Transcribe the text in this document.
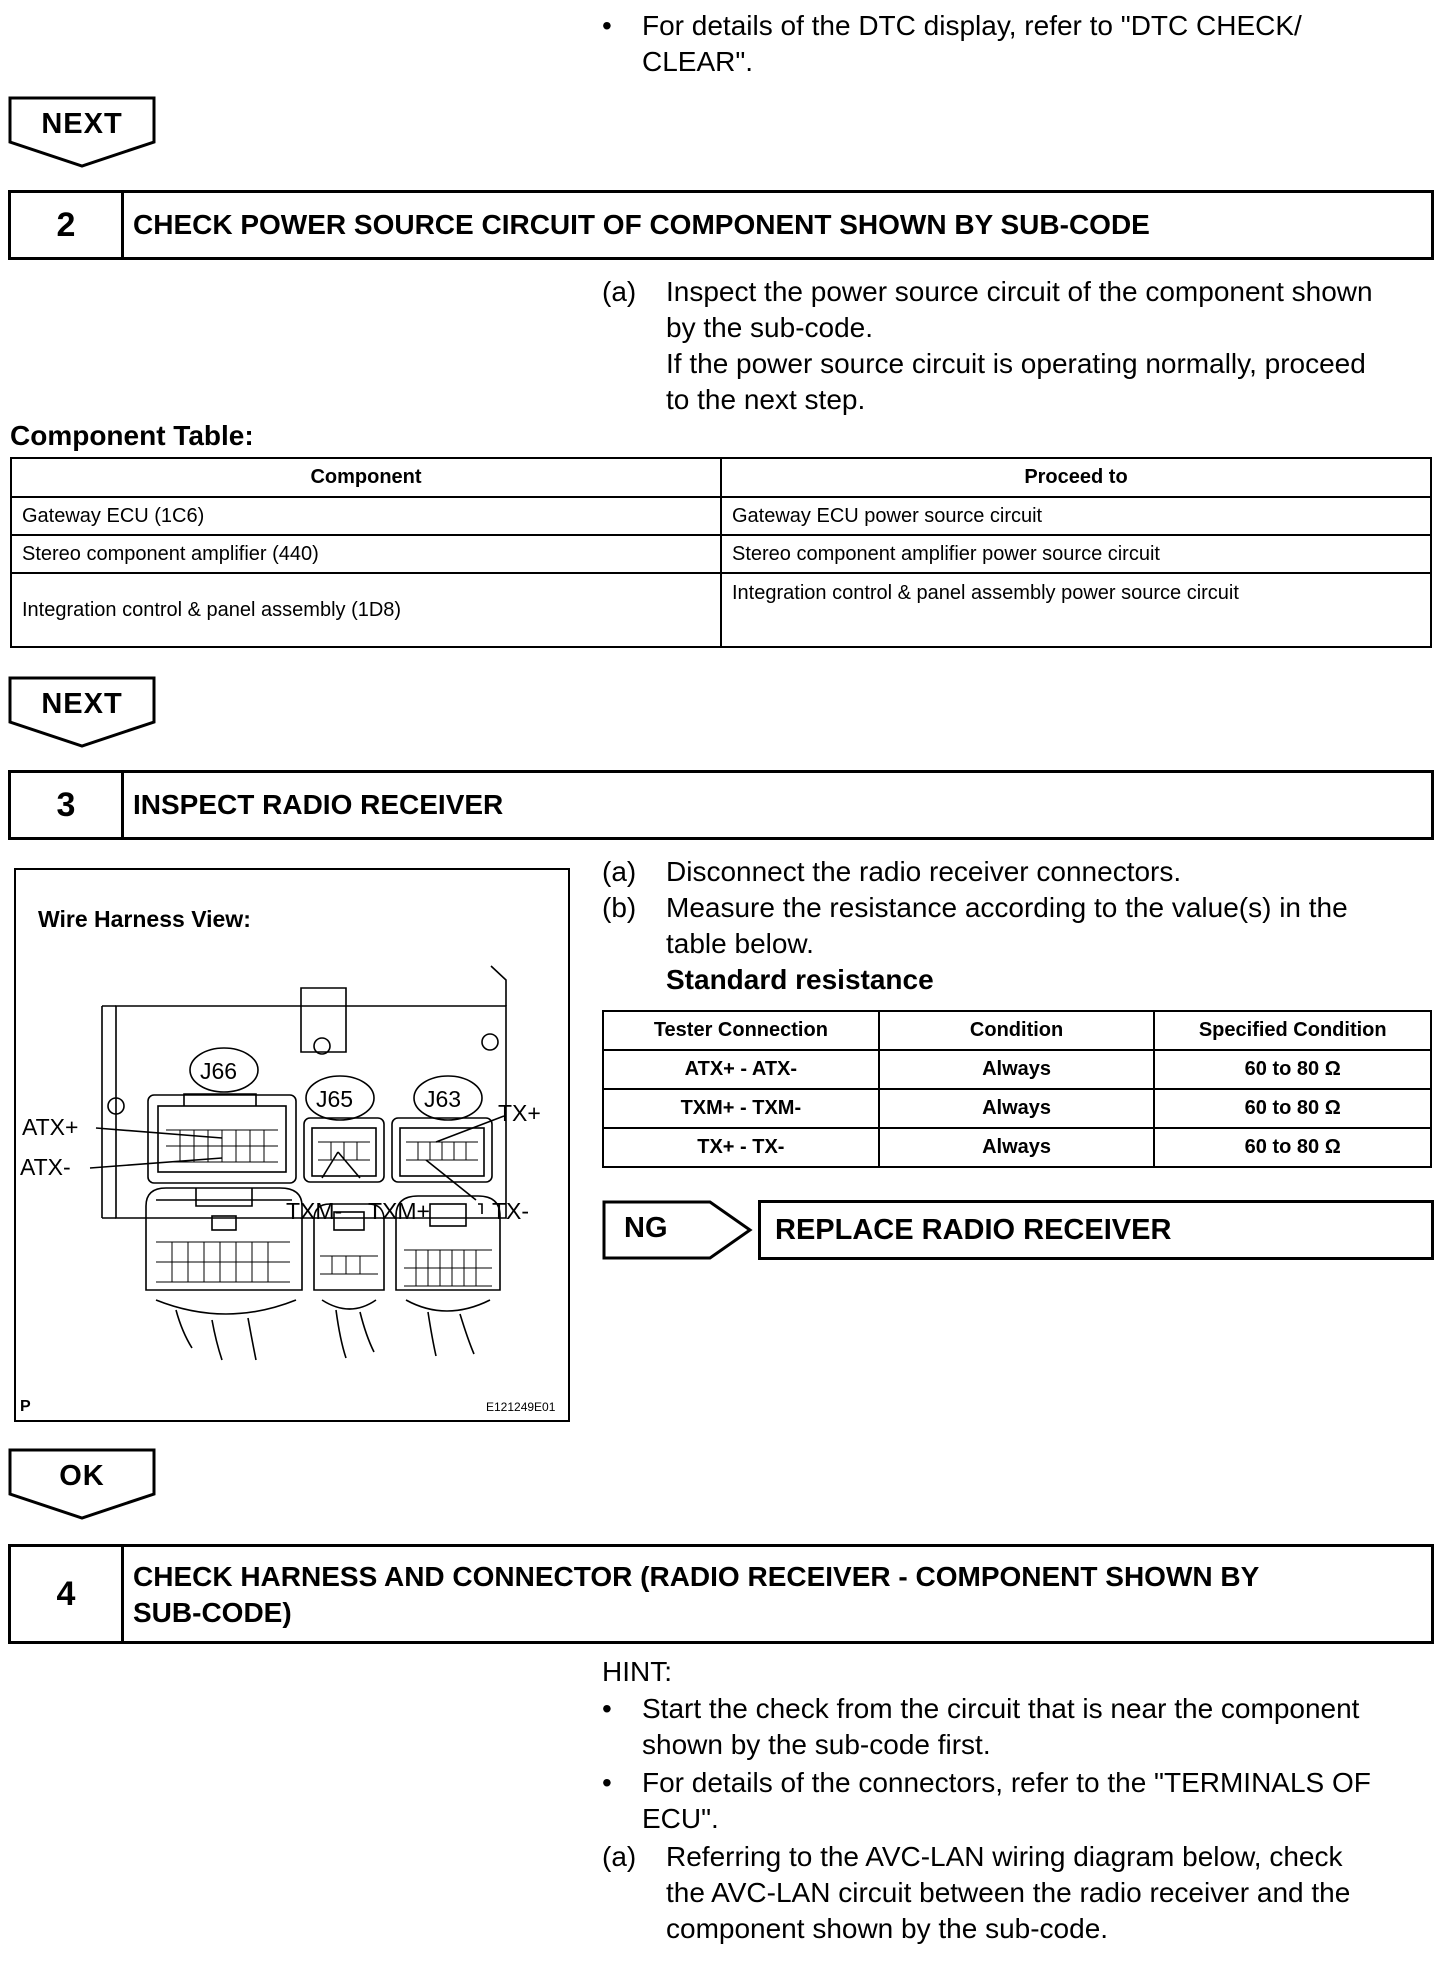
•	For details of the DTC display, refer to "DTC CHECK/
CLEAR".
NEXT
2	CHECK POWER SOURCE CIRCUIT OF COMPONENT SHOWN BY SUB-CODE
(a) Inspect the power source circuit of the component shown
by the sub-code.
If the power source circuit is operating normally, proceed
to the next step.
Component Table:
Component	Proceed to
Gateway ECU (1C6)	Gateway ECU power source circuit
Stereo component amplifier (440)	Stereo component amplifier power source circuit
Integration control & panel assembly (1D8)	Integration control & panel assembly power source circuit
NEXT
3	INSPECT RADIO RECEIVER
Wire Harness View:
J66
J65	J63
ATX+
ATX-
TX+
TX-
TXM- TXM+
P	E121249E01
(a) Disconnect the radio receiver connectors.
(b) Measure the resistance according to the value(s) in the
table below.
Standard resistance
Tester Connection	Condition	Specified Condition
ATX+ - ATX-	Always	60 to 80 Ω
TXM+ - TXM-	Always	60 to 80 Ω
TX+ - TX-	Always	60 to 80 Ω
NG	REPLACE RADIO RECEIVER
OK
4	CHECK HARNESS AND CONNECTOR (RADIO RECEIVER - COMPONENT SHOWN BY
SUB-CODE)
HINT:
•	Start the check from the circuit that is near the component
shown by the sub-code first.
•	For details of the connectors, refer to the "TERMINALS OF
ECU".
(a) Referring to the AVC-LAN wiring diagram below, check
the AVC-LAN circuit between the radio receiver and the
component shown by the sub-code.
